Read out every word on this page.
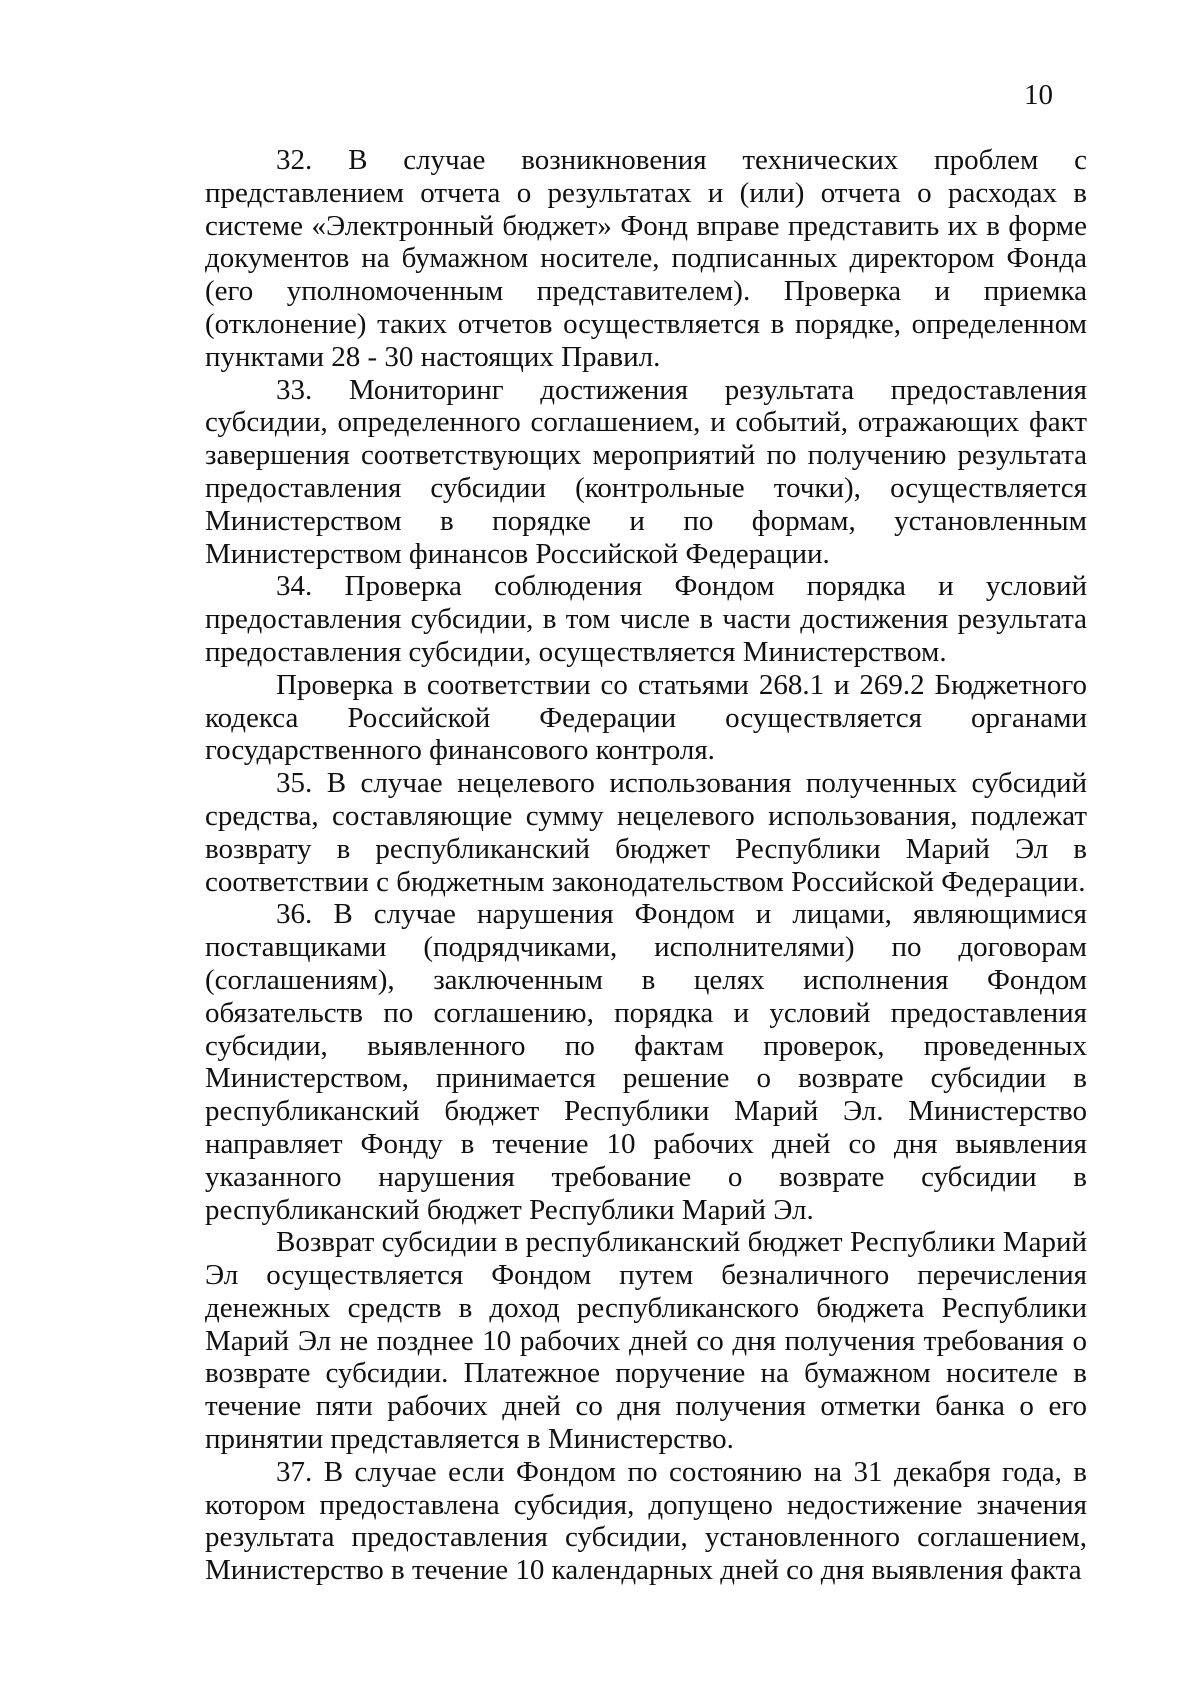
10

32. В случае возникновения технических проблем с представлением отчета о результатах и (или) отчета о расходах в системе «Электронный бюджет» Фонд вправе представить их в форме документов на бумажном носителе, подписанных директором Фонда (его уполномоченным представителем). Проверка и приемка (отклонение) таких отчетов осуществляется в порядке, определенном пунктами 28 - 30 настоящих Правил.

33. Мониторинг достижения результата предоставления субсидии, определенного соглашением, и событий, отражающих факт завершения соответствующих мероприятий по получению результата предоставления субсидии (контрольные точки), осуществляется Министерством в порядке и по формам, установленным Министерством финансов Российской Федерации.

34. Проверка соблюдения Фондом порядка и условий предоставления субсидии, в том числе в части достижения результата предоставления субсидии, осуществляется Министерством.

Проверка в соответствии со статьями 268.1 и 269.2 Бюджетного кодекса Российской Федерации осуществляется органами государственного финансового контроля.

35. В случае нецелевого использования полученных субсидий средства, составляющие сумму нецелевого использования, подлежат возврату в республиканский бюджет Республики Марий Эл в соответствии с бюджетным законодательством Российской Федерации.

36. В случае нарушения Фондом и лицами, являющимися поставщиками (подрядчиками, исполнителями) по договорам (соглашениям), заключенным в целях исполнения Фондом обязательств по соглашению, порядка и условий предоставления субсидии, выявленного по фактам проверок, проведенных Министерством, принимается решение о возврате субсидии в республиканский бюджет Республики Марий Эл. Министерство направляет Фонду в течение 10 рабочих дней со дня выявления указанного нарушения требование о возврате субсидии в республиканский бюджет Республики Марий Эл.

Возврат субсидии в республиканский бюджет Республики Марий Эл осуществляется Фондом путем безналичного перечисления денежных средств в доход республиканского бюджета Республики Марий Эл не позднее 10 рабочих дней со дня получения требования о возврате субсидии. Платежное поручение на бумажном носителе в течение пяти рабочих дней со дня получения отметки банка о его принятии представляется в Министерство.

37. В случае если Фондом по состоянию на 31 декабря года, в котором предоставлена субсидия, допущено недостижение значения результата предоставления субсидии, установленного соглашением, Министерство в течение 10 календарных дней со дня выявления факта
